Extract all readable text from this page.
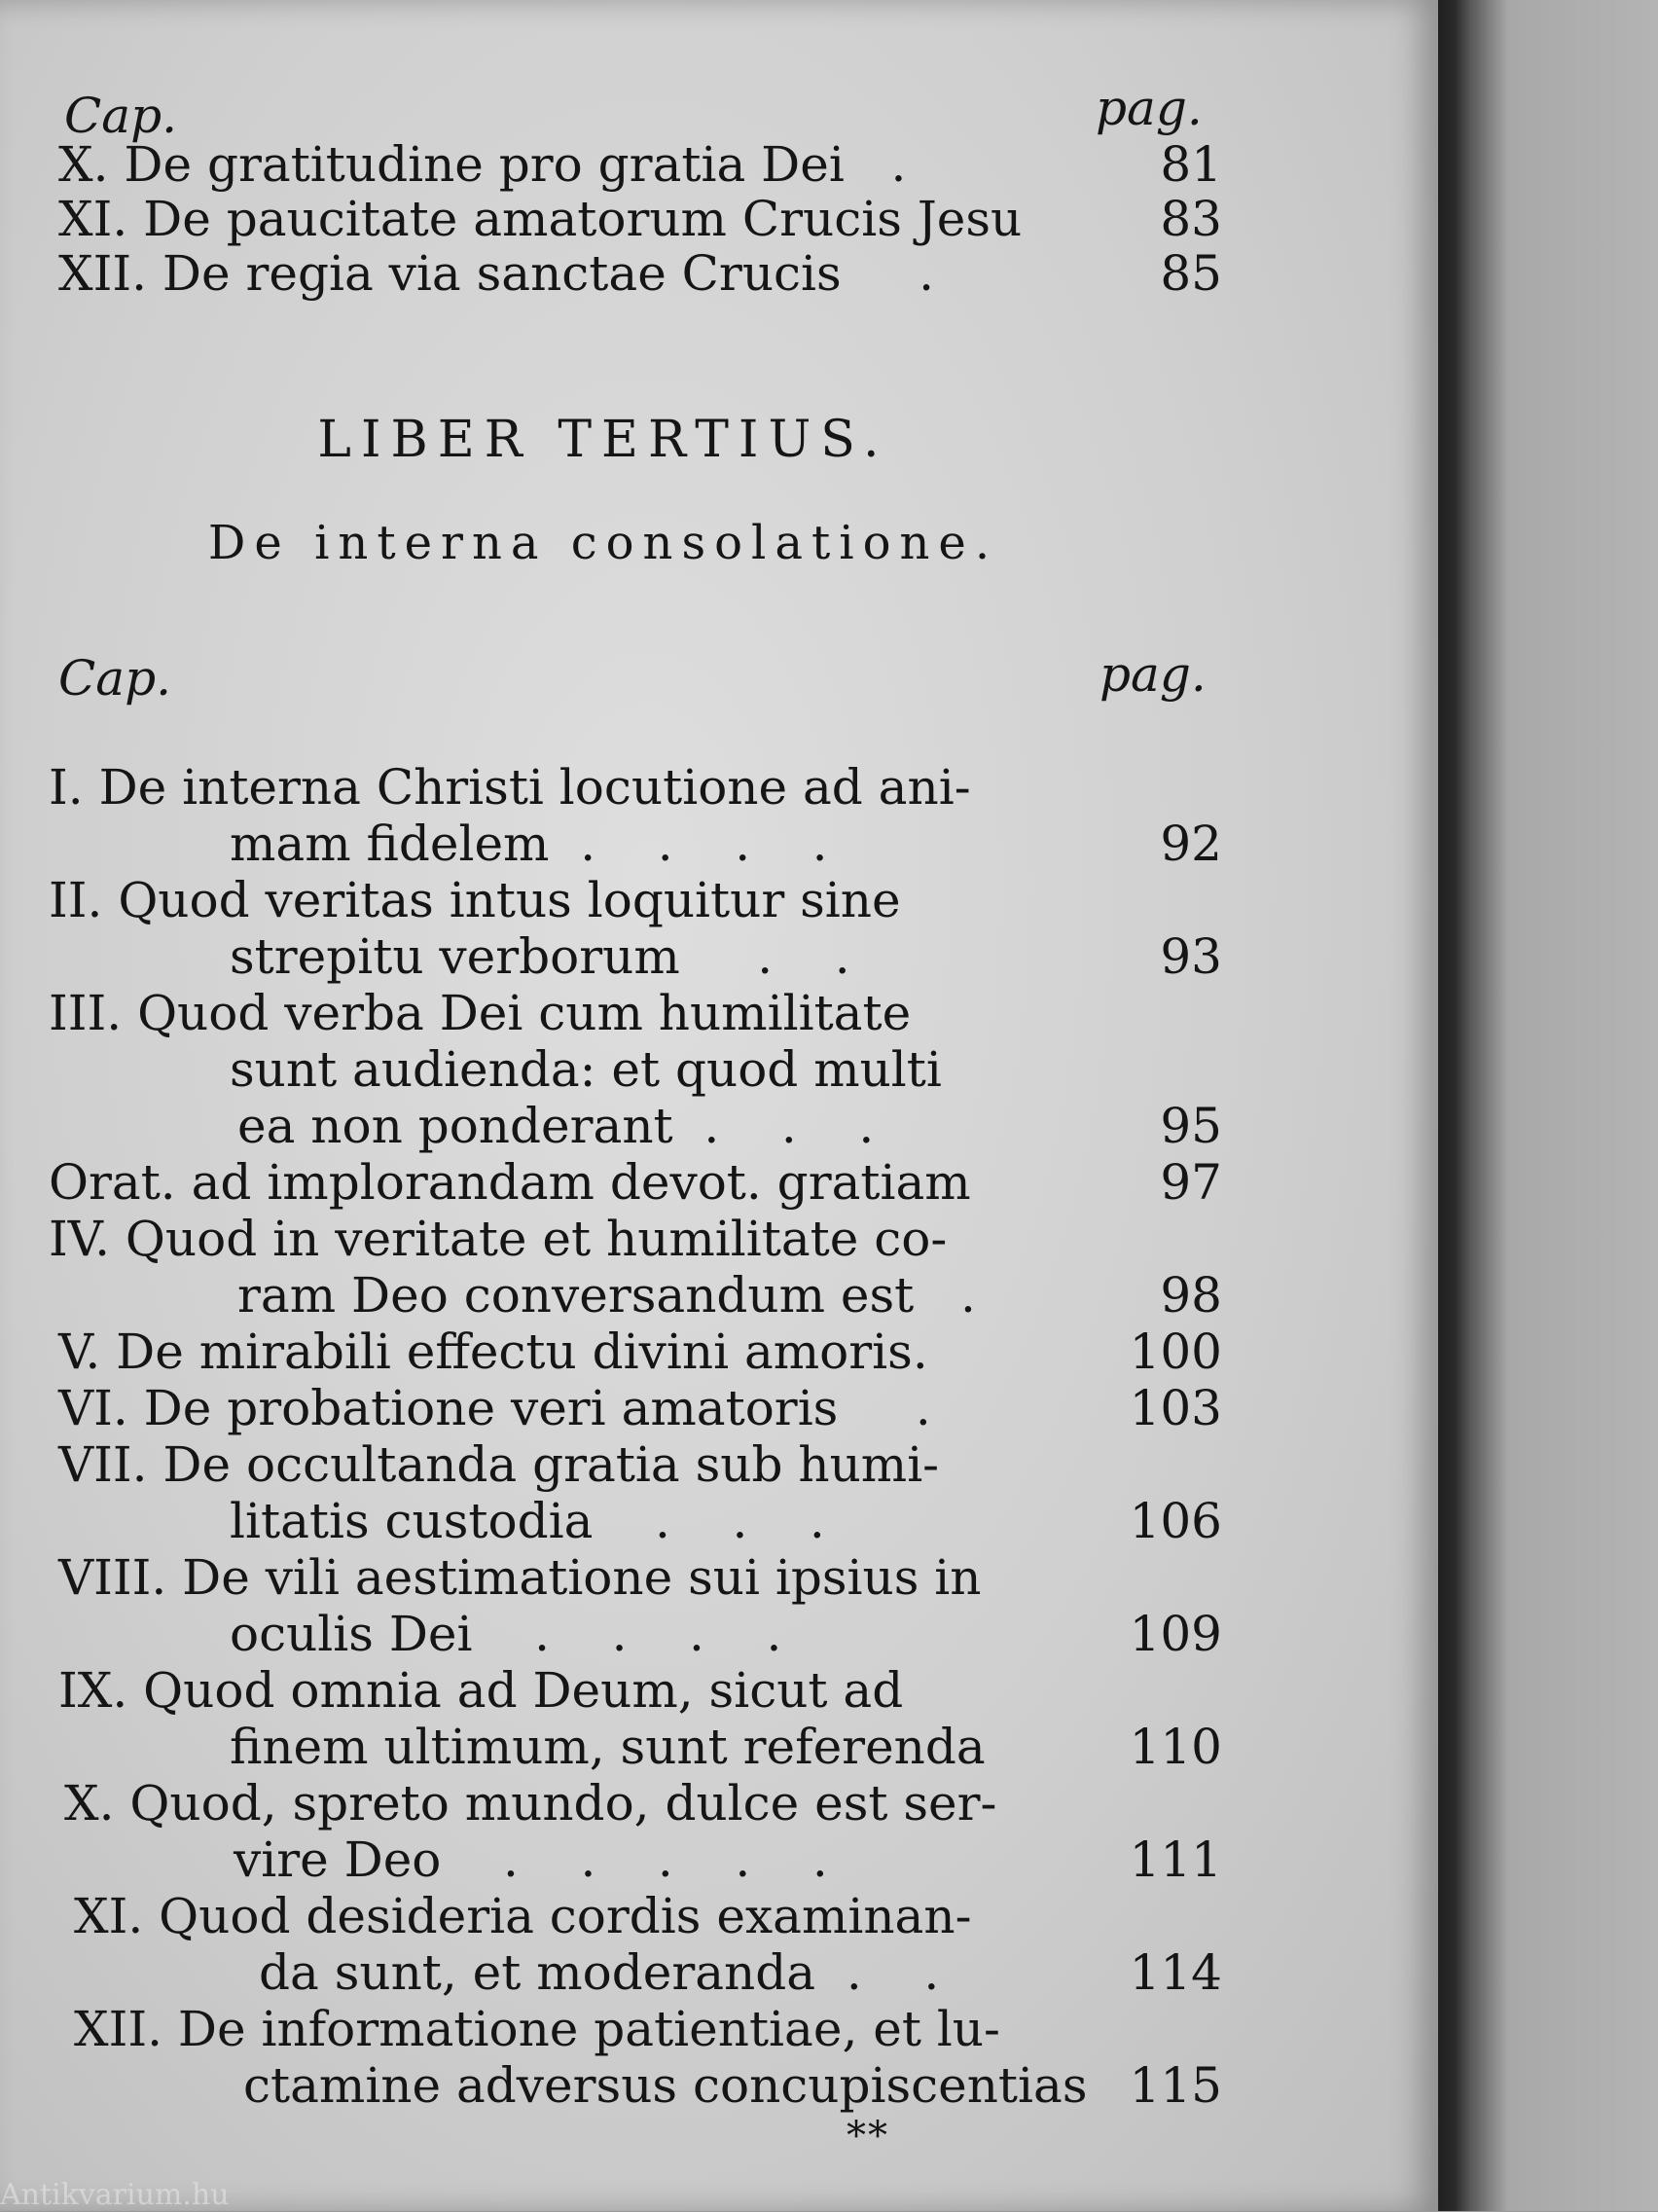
Cap.	pag.
X. De gratitudine pro gratia Dei   .	81
XI. De paucitate amatorum Crucis Jesu	83
XII. De regia via sanctae Crucis     .	85
LIBER TERTIUS.
De interna consolatione.
Cap.	pag.
I. De interna Christi locutione ad ani-
mam fidelem  .    .    .    .	92
II. Quod veritas intus loquitur sine
strepitu verborum     .    .	93
III. Quod verba Dei cum humilitate
sunt audienda: et quod multi
ea non ponderant  .    .    .	95
Orat. ad implorandam devot. gratiam	97
IV. Quod in veritate et humilitate co-
ram Deo conversandum est   .	98
V. De mirabili effectu divini amoris.	100
VI. De probatione veri amatoris     .	103
VII. De occultanda gratia sub humi-
litatis custodia    .    .    .	106
VIII. De vili aestimatione sui ipsius in
oculis Dei    .    .    .    .	109
IX. Quod omnia ad Deum, sicut ad
finem ultimum, sunt referenda	110
X. Quod, spreto mundo, dulce est ser-
vire Deo    .    .    .    .    .	111
XI. Quod desideria cordis examinan-
da sunt, et moderanda  .    .	114
XII. De informatione patientiae, et lu-
ctamine adversus concupiscentias 115
**
Antikvarium.hu
